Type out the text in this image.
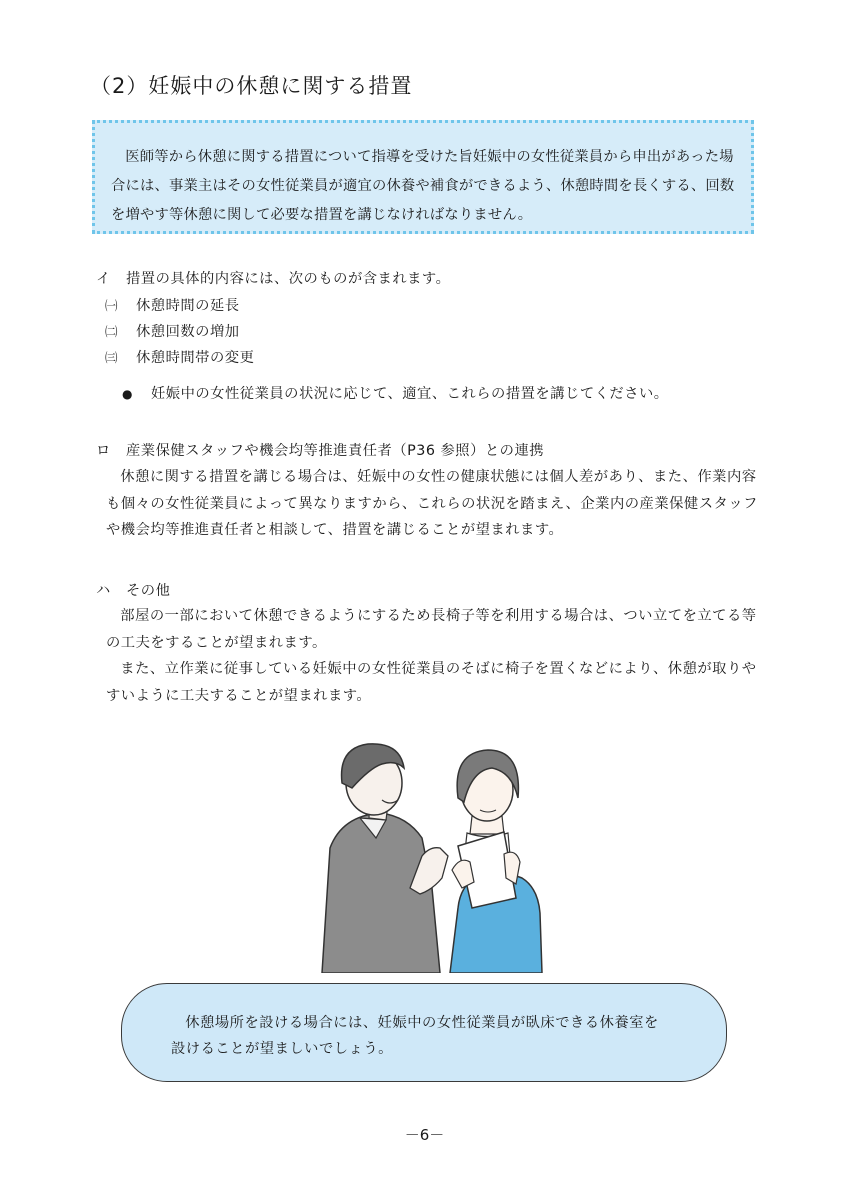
（2）妊娠中の休憩に関する措置

医師等から休憩に関する措置について指導を受けた旨妊娠中の女性従業員から申出があった場合には、事業主はその女性従業員が適宜の休養や補食ができるよう、休憩時間を長くする、回数を増やす等休憩に関して必要な措置を講じなければなりません。

イ 措置の具体的内容には、次のものが含まれます。
㈠ 休憩時間の延長
㈡ 休憩回数の増加
㈢ 休憩時間帯の変更
● 妊娠中の女性従業員の状況に応じて、適宜、これらの措置を講じてください。
ロ 産業保健スタッフや機会均等推進責任者（P36 参照）との連携

休憩に関する措置を講じる場合は、妊娠中の女性の健康状態には個人差があり、また、作業内容も個々の女性従業員によって異なりますから、これらの状況を踏まえ、企業内の産業保健スタッフや機会均等推進責任者と相談して、措置を講じることが望まれます。

ハ その他

部屋の一部において休憩できるようにするため長椅子等を利用する場合は、つい立てを立てる等の工夫をすることが望まれます。

また、立作業に従事している妊娠中の女性従業員のそばに椅子を置くなどにより、休憩が取りやすいように工夫することが望まれます。

休憩場所を設ける場合には、妊娠中の女性従業員が臥床できる休養室を

設けることが望ましいでしょう。

－6－
